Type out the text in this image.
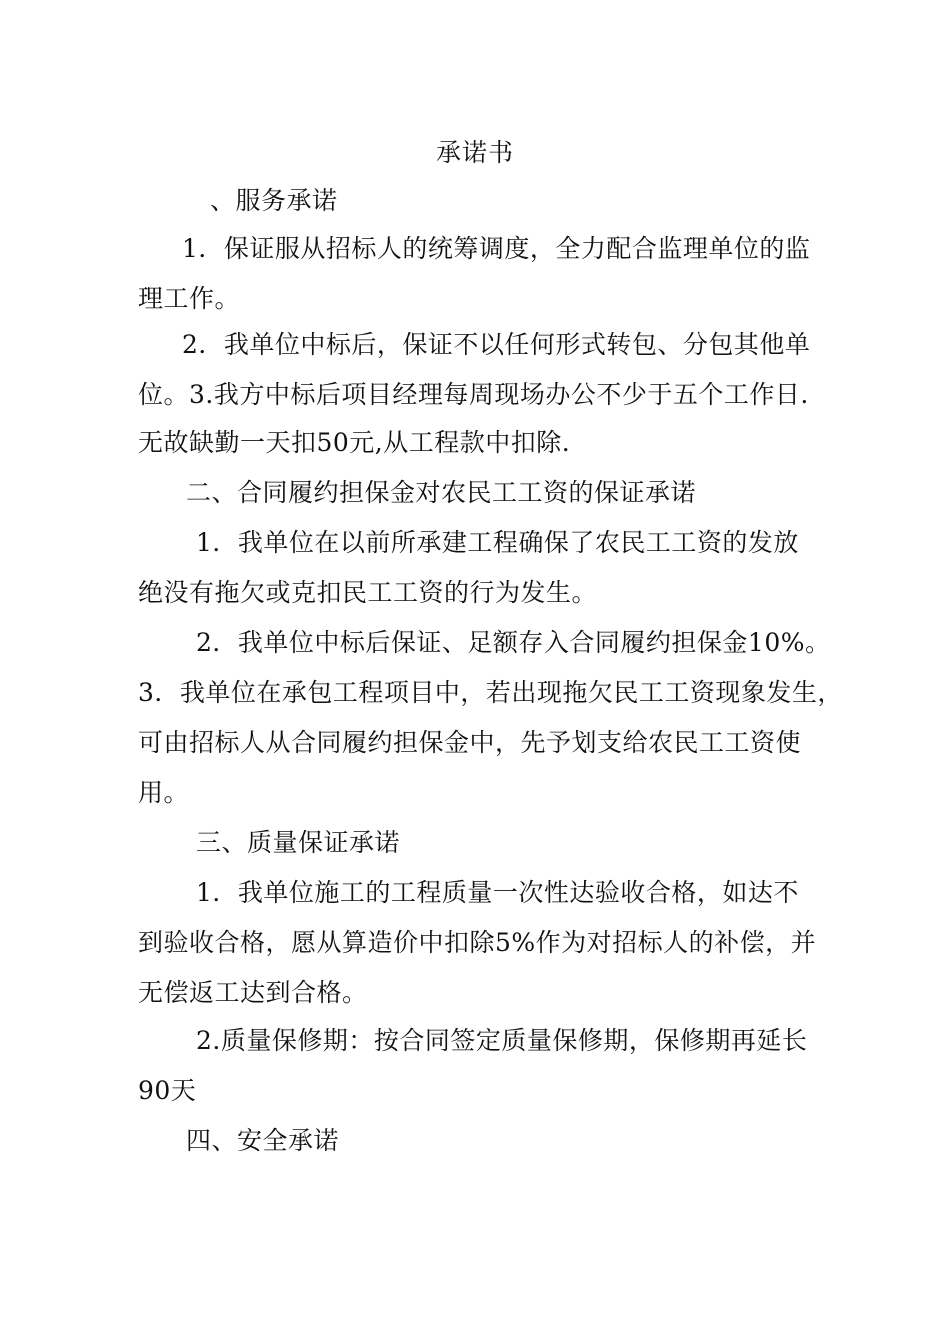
承诺书
、服务承诺
1．保证服从招标人的统筹调度，全力配合监理单位的监
理工作。
2．我单位中标后，保证不以任何形式转包、分包其他单
位。3.我方中标后项目经理每周现场办公不少于五个工作日.
无故缺勤一天扣50元,从工程款中扣除.
二、合同履约担保金对农民工工资的保证承诺
1．我单位在以前所承建工程确保了农民工工资的发放
绝没有拖欠或克扣民工工资的行为发生。
2．我单位中标后保证、足额存入合同履约担保金10%。
3．我单位在承包工程项目中，若出现拖欠民工工资现象发生，
可由招标人从合同履约担保金中，先予划支给农民工工资使
用。
三、质量保证承诺
1．我单位施工的工程质量一次性达验收合格，如达不
到验收合格，愿从算造价中扣除5%作为对招标人的补偿，并
无偿返工达到合格。
2.质量保修期：按合同签定质量保修期，保修期再延长
90天
四、安全承诺
